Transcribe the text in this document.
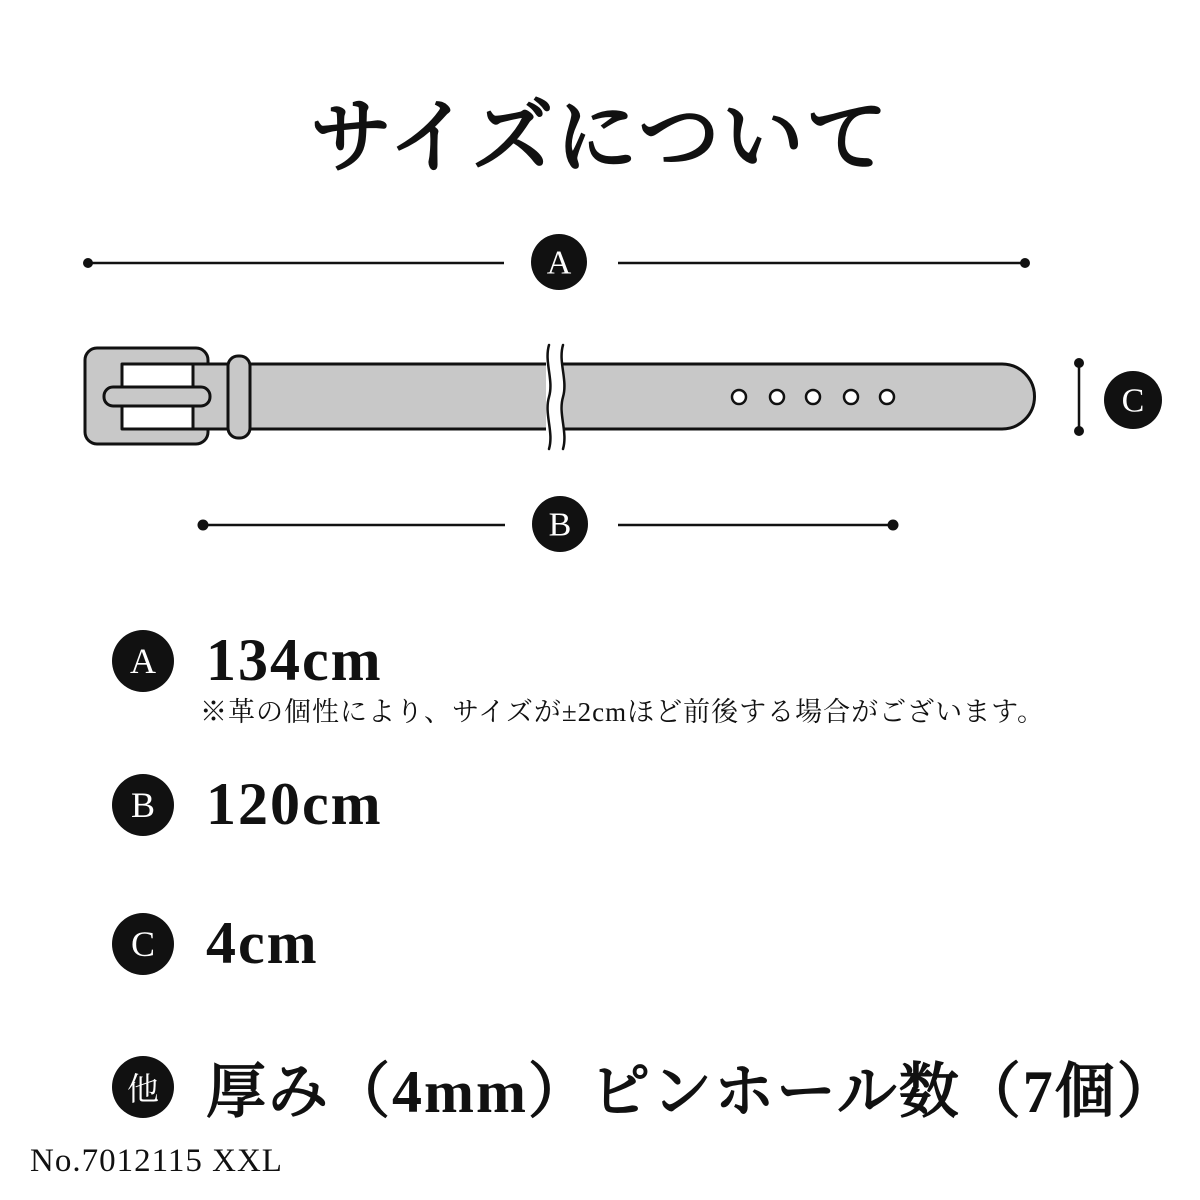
サイズについて
A
C
B
A 134cm
※革の個性により、サイズが±2cmほど前後する場合がございます。
B 120cm
C 4cm
他 厚み（4mm）ピンホール数（7個）
No.7012115 XXL
